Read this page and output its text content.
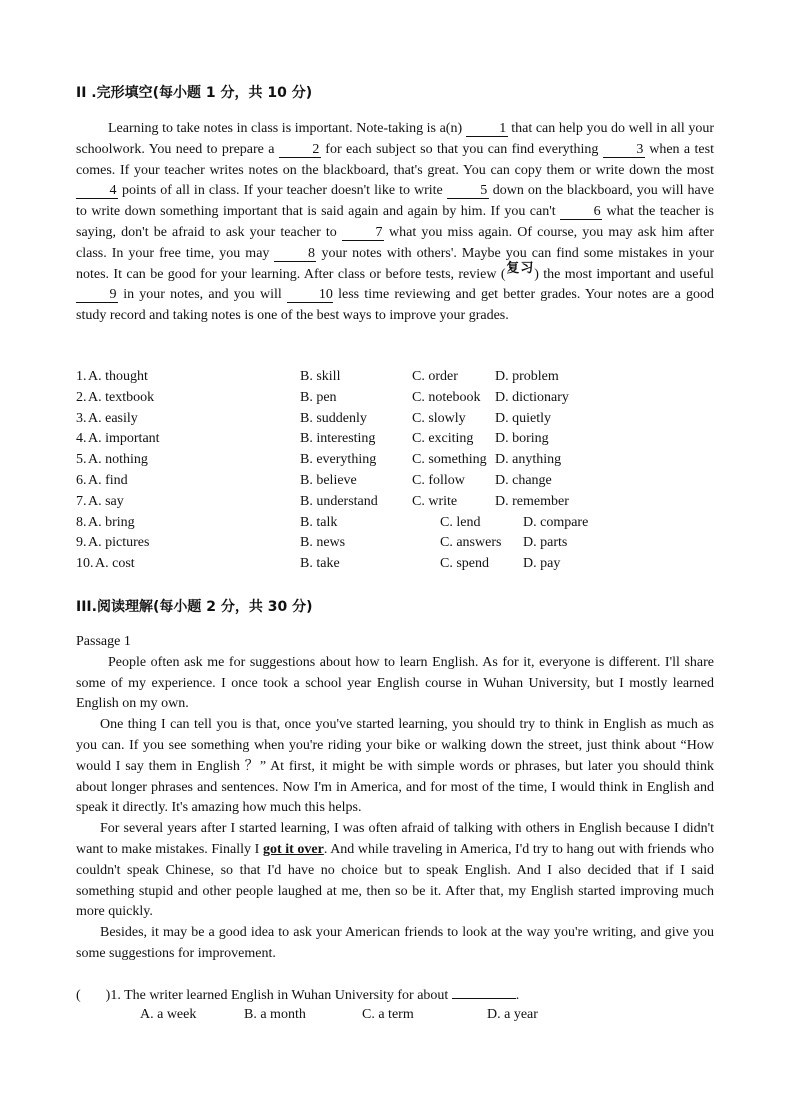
II .完形填空(每小题 1 分，共 10 分)

Learning to take notes in class is important. Note-taking is a(n) 1 that can help you do well in all your schoolwork. You need to prepare a 2 for each subject so that you can find everything 3 when a test comes. If your teacher writes notes on the blackboard, that's great. You can copy them or write down the most 4 points of all in class. If your teacher doesn't like to write 5 down on the blackboard, you will have to write down something important that is said again and again by him. If you can't 6 what the teacher is saying, don't be afraid to ask your teacher to 7 what you miss again. Of course, you may ask him after class. In your free time, you may 8 your notes with others'. Maybe you can find some mistakes in your notes. It can be good for your learning. After class or before tests, review (复习) the most important and useful 9 in your notes, and you will 10 less time reviewing and get better grades. Your notes are a good study record and taking notes is one of the best ways to improve your grades.

1. A. thought	B. skill	C. order	D. problem
2. A. textbook	B. pen	C. notebook D. dictionary
3. A. easily	B. suddenly	C. slowly D. quietly
4. A. important	B. interesting	C. exciting D. boring
5. A. nothing	B. everything	C. something D. anything
6. A. find	B. believe	C. follow D. change
7. A. say	B. understand C. write	D. remember
8. A. bring	B. talk	C. lend	D. compare
9. A. pictures	B. news	C. answers D. parts
10. A. cost	B. take	C. spend D. pay
III.阅读理解(每小题 2 分，共 30 分)

Passage 1

People often ask me for suggestions about how to learn English. As for it, everyone is different. I'll share some of my experience. I once took a school year English course in Wuhan University, but I mostly learned English on my own.

One thing I can tell you is that, once you've started learning, you should try to think in English as much as you can. If you see something when you're riding your bike or walking down the street, just think about “How would I say them in English ？” At first, it might be with simple words or phrases, but later you should think about longer phrases and sentences. Now I'm in America, and for most of the time, I would think in English and speak it directly. It's amazing how much this helps.

For several years after I started learning, I was often afraid of talking with others in English because I didn't want to make mistakes. Finally I got it over. And while traveling in America, I'd try to hang out with friends who couldn't speak Chinese, so that I'd have no choice but to speak English. And I also decided that if I said something stupid and other people laughed at me, then so be it. After that, my English started improving much more quickly.

Besides, it may be a good idea to ask your American friends to look at the way you're writing, and give you some suggestions for improvement.

( )1. The writer learned English in Wuhan University for about	.
A. a week	B. a month	C. a term	D. a year
